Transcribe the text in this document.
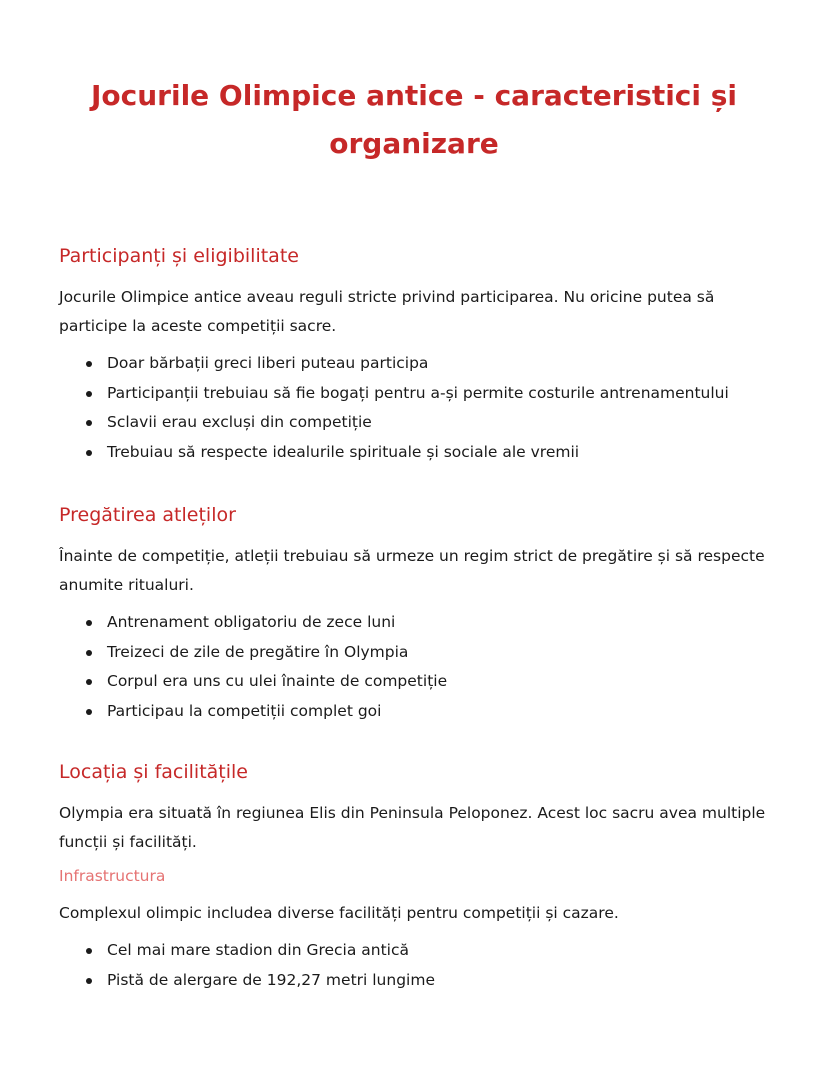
Jocurile Olimpice antice - caracteristici și organizare
Participanți și eligibilitate

Jocurile Olimpice antice aveau reguli stricte privind participarea. Nu oricine putea să participe la aceste competiții sacre.

Doar bărbații greci liberi puteau participa
Participanții trebuiau să fie bogați pentru a-și permite costurile antrenamentului
Sclavii erau excluși din competiție
Trebuiau să respecte idealurile spirituale și sociale ale vremii
Pregătirea atleților

Înainte de competiție, atleții trebuiau să urmeze un regim strict de pregătire și să respecte anumite ritualuri.

Antrenament obligatoriu de zece luni
Treizeci de zile de pregătire în Olympia
Corpul era uns cu ulei înainte de competiție
Participau la competiții complet goi
Locația și facilitățile

Olympia era situată în regiunea Elis din Peninsula Peloponez. Acest loc sacru avea multiple funcții și facilități.

Infrastructura

Complexul olimpic includea diverse facilități pentru competiții și cazare.

Cel mai mare stadion din Grecia antică
Pistă de alergare de 192,27 metri lungime
